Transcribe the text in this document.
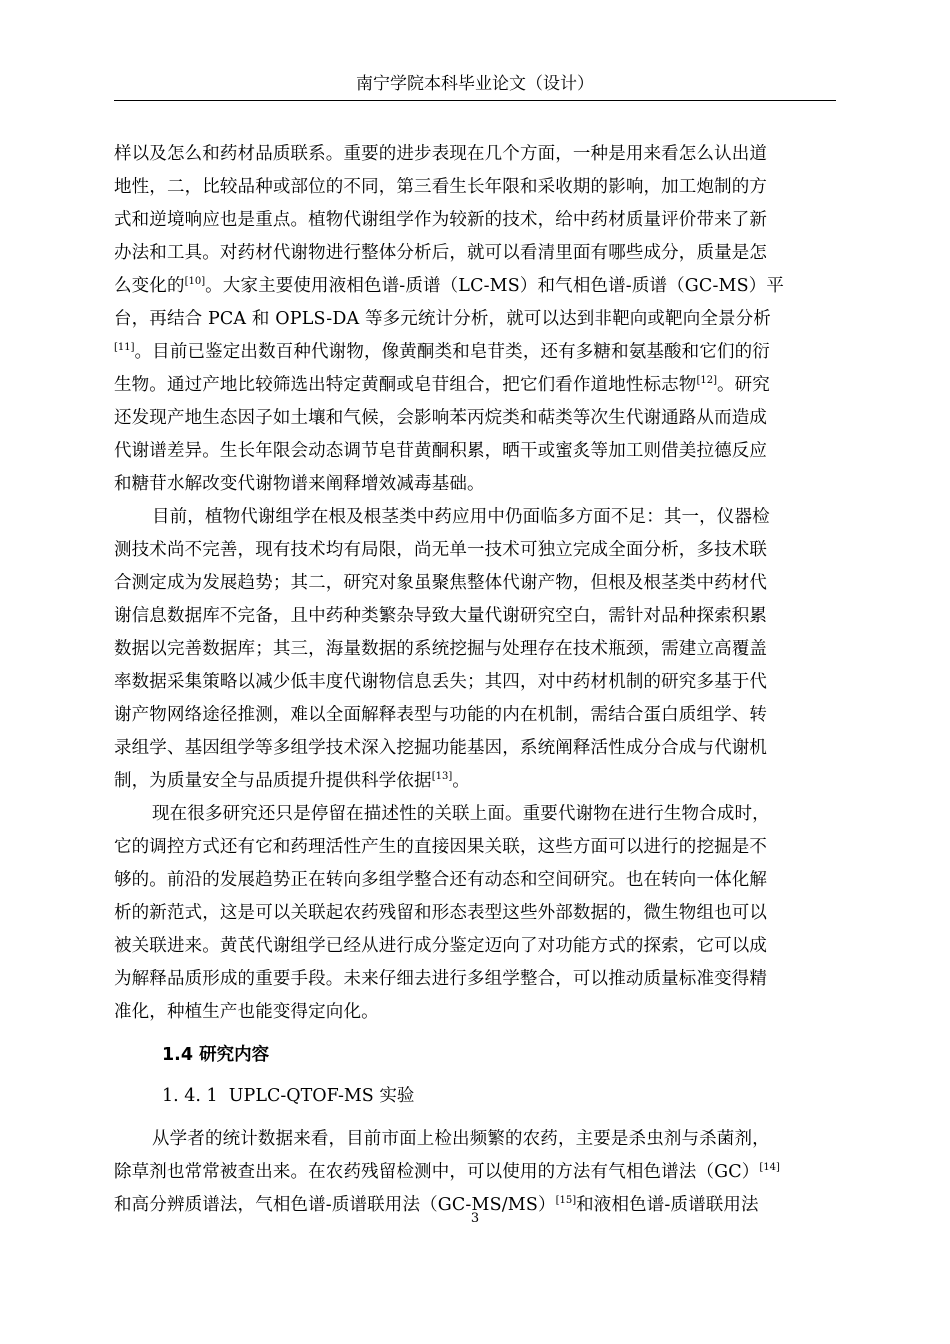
南宁学院本科毕业论文（设计）
样以及怎么和药材品质联系。重要的进步表现在几个方面，一种是用来看怎么认出道
地性，二，比较品种或部位的不同，第三看生长年限和采收期的影响，加工炮制的方
式和逆境响应也是重点。植物代谢组学作为较新的技术，给中药材质量评价带来了新
办法和工具。对药材代谢物进行整体分析后，就可以看清里面有哪些成分，质量是怎
么变化的[10]。大家主要使用液相色谱-质谱（LC-MS）和气相色谱-质谱（GC-MS）平
台，再结合 PCA 和 OPLS-DA 等多元统计分析，就可以达到非靶向或靶向全景分析
[11]。目前已鉴定出数百种代谢物，像黄酮类和皂苷类，还有多糖和氨基酸和它们的衍
生物。通过产地比较筛选出特定黄酮或皂苷组合，把它们看作道地性标志物[12]。研究
还发现产地生态因子如土壤和气候，会影响苯丙烷类和萜类等次生代谢通路从而造成
代谢谱差异。生长年限会动态调节皂苷黄酮积累，晒干或蜜炙等加工则借美拉德反应
和糖苷水解改变代谢物谱来阐释增效减毒基础。
目前，植物代谢组学在根及根茎类中药应用中仍面临多方面不足：其一，仪器检
测技术尚不完善，现有技术均有局限，尚无单一技术可独立完成全面分析，多技术联
合测定成为发展趋势；其二，研究对象虽聚焦整体代谢产物，但根及根茎类中药材代
谢信息数据库不完备，且中药种类繁杂导致大量代谢研究空白，需针对品种探索积累
数据以完善数据库；其三，海量数据的系统挖掘与处理存在技术瓶颈，需建立高覆盖
率数据采集策略以减少低丰度代谢物信息丢失；其四，对中药材机制的研究多基于代
谢产物网络途径推测，难以全面解释表型与功能的内在机制，需结合蛋白质组学、转
录组学、基因组学等多组学技术深入挖掘功能基因，系统阐释活性成分合成与代谢机
制，为质量安全与品质提升提供科学依据[13]。
现在很多研究还只是停留在描述性的关联上面。重要代谢物在进行生物合成时，
它的调控方式还有它和药理活性产生的直接因果关联，这些方面可以进行的挖掘是不
够的。前沿的发展趋势正在转向多组学整合还有动态和空间研究。也在转向一体化解
析的新范式，这是可以关联起农药残留和形态表型这些外部数据的，微生物组也可以
被关联进来。黄芪代谢组学已经从进行成分鉴定迈向了对功能方式的探索，它可以成
为解释品质形成的重要手段。未来仔细去进行多组学整合，可以推动质量标准变得精
准化，种植生产也能变得定向化。
1.4 研究内容
1. 4. 1 UPLC-QTOF-MS 实验
从学者的统计数据来看，目前市面上检出频繁的农药，主要是杀虫剂与杀菌剂，
除草剂也常常被查出来。在农药残留检测中，可以使用的方法有气相色谱法（GC）[14]
和高分辨质谱法，气相色谱-质谱联用法（GC-MS/MS）[15]和液相色谱-质谱联用法
3
